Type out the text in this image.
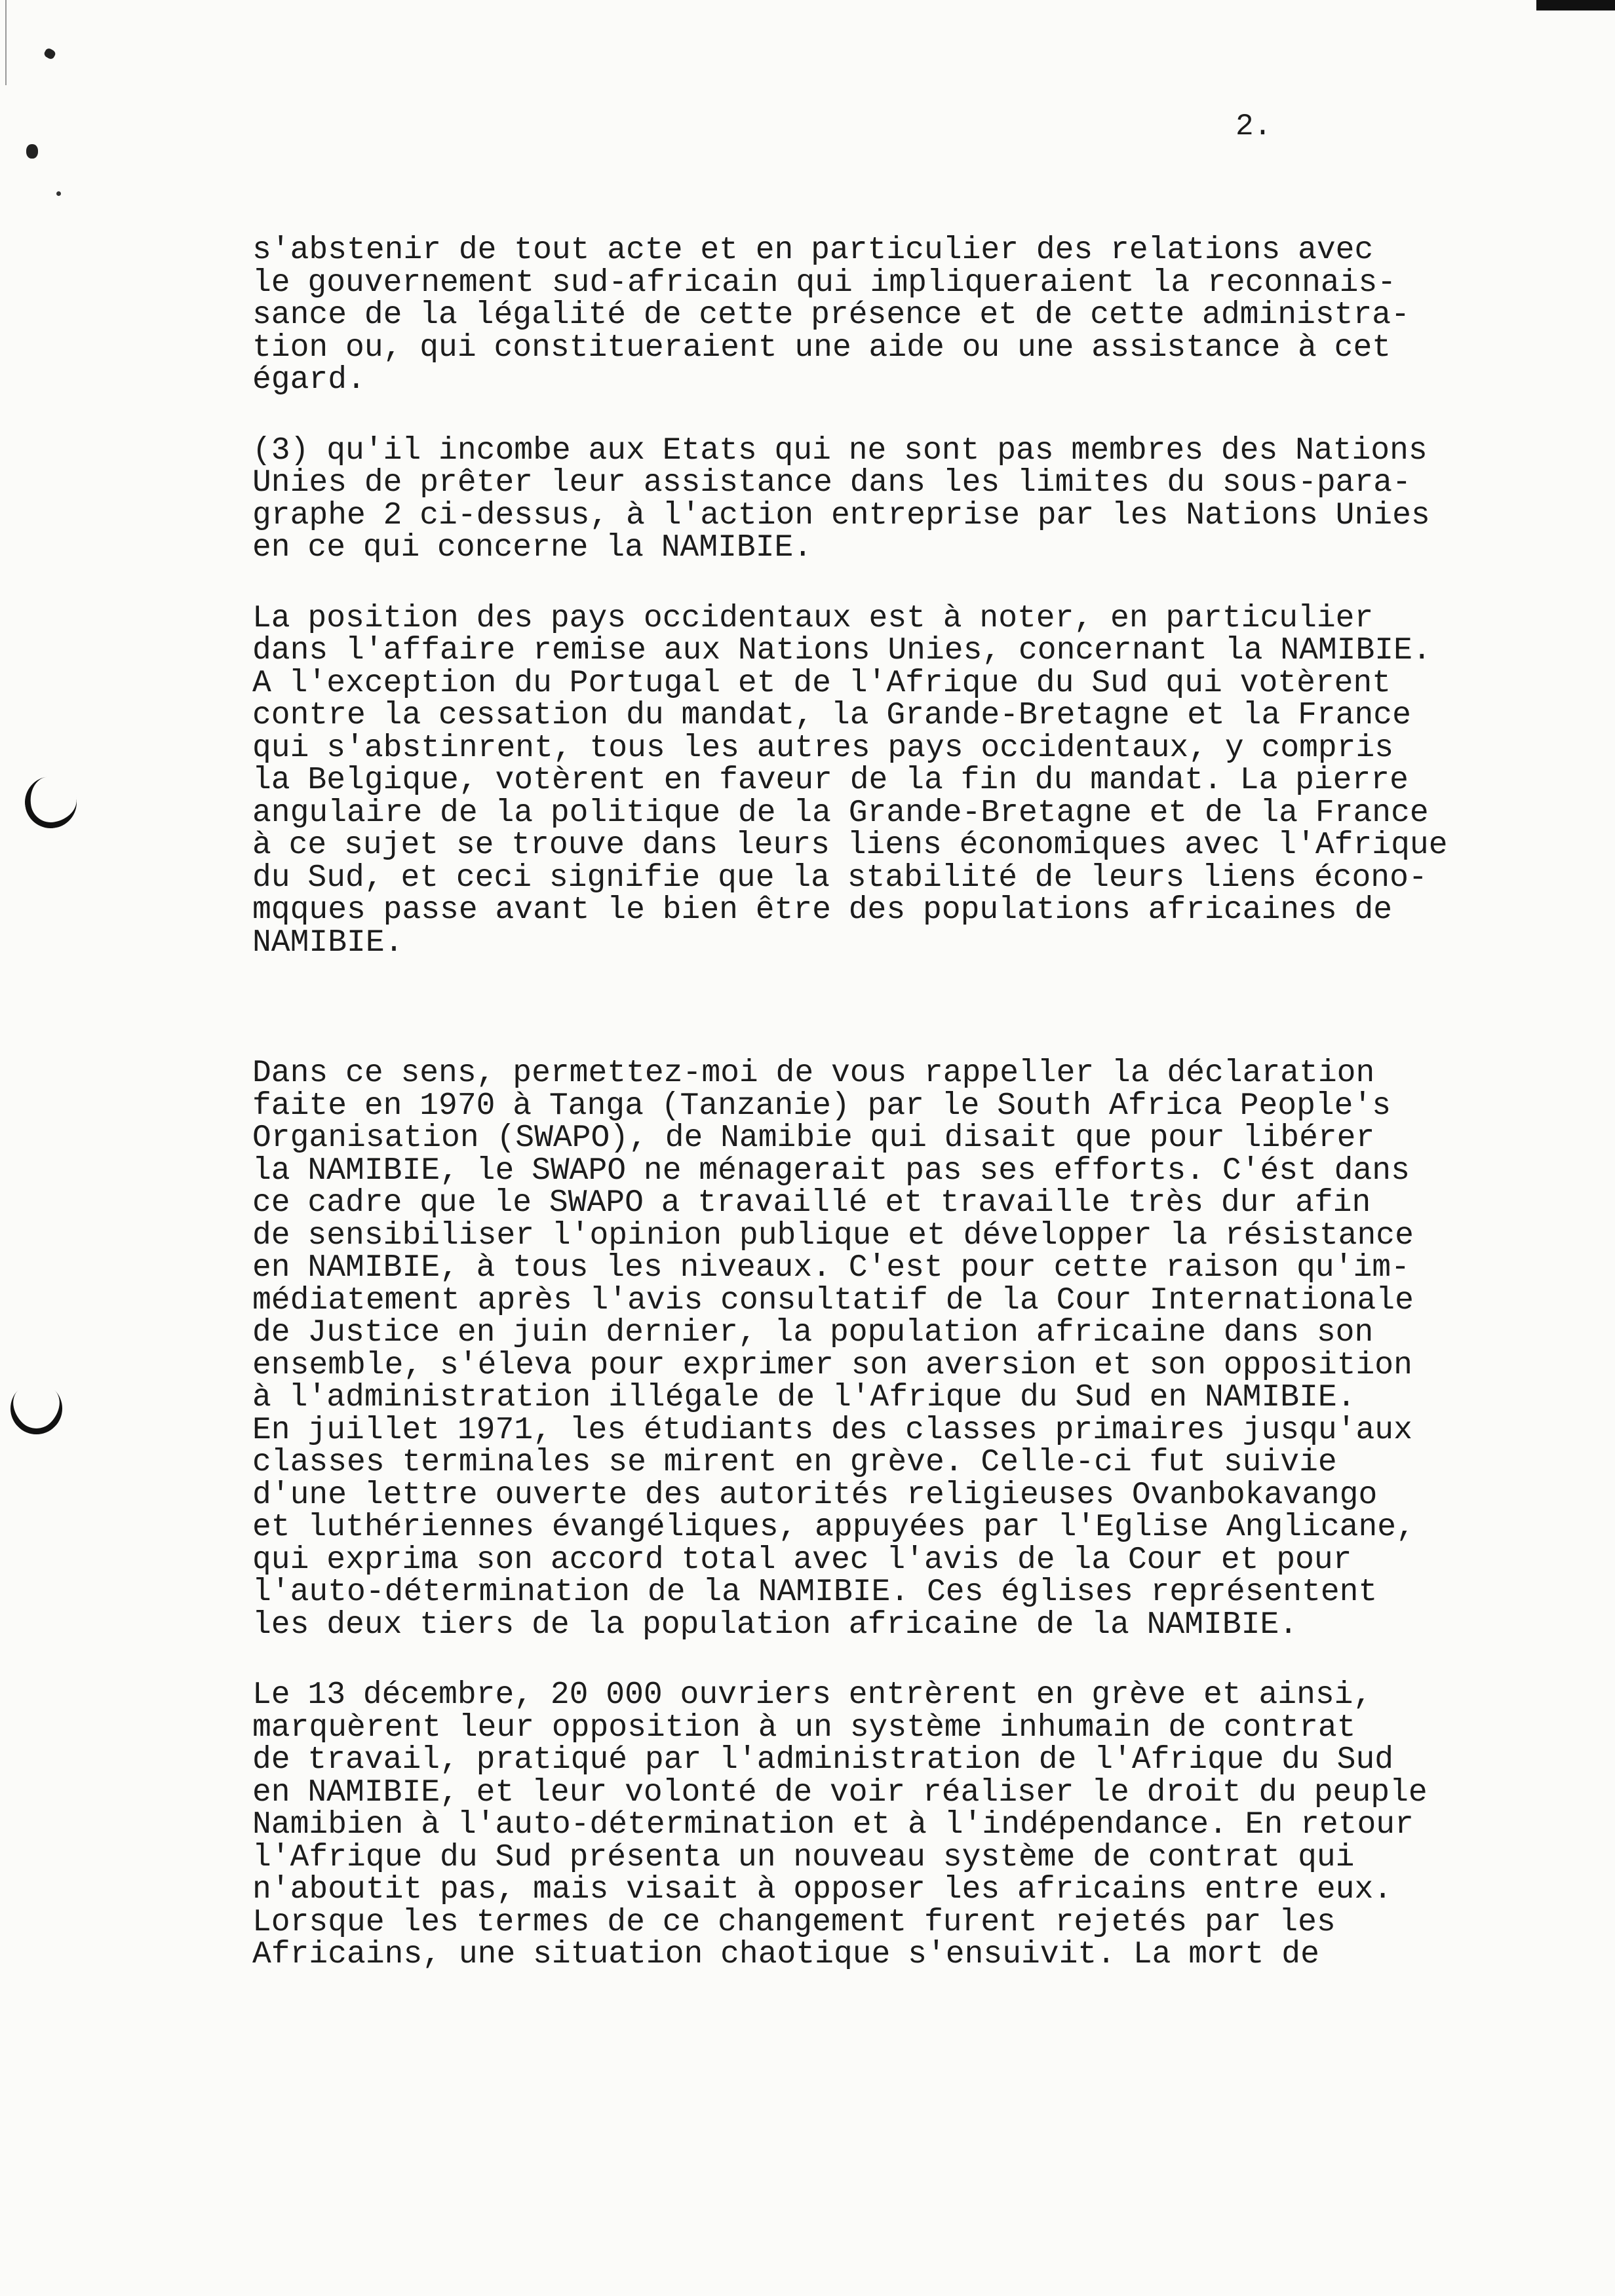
2.
s'abstenir de tout acte et en particulier des relations avec
le gouvernement sud-africain qui impliqueraient la reconnais-
sance de la légalité de cette présence et de cette administra-
tion ou, qui constitueraient une aide ou une assistance à cet
égard.
(3) qu'il incombe aux Etats qui ne sont pas membres des Nations
Unies de prêter leur assistance dans les limites du sous-para-
graphe 2 ci-dessus, à l'action entreprise par les Nations Unies
en ce qui concerne la NAMIBIE.
La position des pays occidentaux est à noter, en particulier
dans l'affaire remise aux Nations Unies, concernant la NAMIBIE.
A l'exception du Portugal et de l'Afrique du Sud qui votèrent
contre la cessation du mandat, la Grande-Bretagne et la France
qui s'abstinrent, tous les autres pays occidentaux, y compris
la Belgique, votèrent en faveur de la fin du mandat. La pierre
angulaire de la politique de la Grande-Bretagne et de la France
à ce sujet se trouve dans leurs liens économiques avec l'Afrique
du Sud, et ceci signifie que la stabilité de leurs liens écono-
mqques passe avant le bien être des populations africaines de
NAMIBIE.
Dans ce sens, permettez-moi de vous rappeller la déclaration
faite en 1970 à Tanga (Tanzanie) par le South Africa People's
Organisation (SWAPO), de Namibie qui disait que pour libérer
la NAMIBIE, le SWAPO ne ménagerait pas ses efforts. C'ést dans
ce cadre que le SWAPO a travaillé et travaille très dur afin
de sensibiliser l'opinion publique et développer la résistance
en NAMIBIE, à tous les niveaux. C'est pour cette raison qu'im-
médiatement après l'avis consultatif de la Cour Internationale
de Justice en juin dernier, la population africaine dans son
ensemble, s'éleva pour exprimer son aversion et son opposition
à l'administration illégale de l'Afrique du Sud en NAMIBIE.
En juillet 1971, les étudiants des classes primaires jusqu'aux
classes terminales se mirent en grève. Celle-ci fut suivie
d'une lettre ouverte des autorités religieuses Ovanbokavango
et luthériennes évangéliques, appuyées par l'Eglise Anglicane,
qui exprima son accord total avec l'avis de la Cour et pour
l'auto-détermination de la NAMIBIE. Ces églises représentent
les deux tiers de la population africaine de la NAMIBIE.
Le 13 décembre, 20 000 ouvriers entrèrent en grève et ainsi,
marquèrent leur opposition à un système inhumain de contrat
de travail, pratiqué par l'administration de l'Afrique du Sud
en NAMIBIE, et leur volonté de voir réaliser le droit du peuple
Namibien à l'auto-détermination et à l'indépendance. En retour
l'Afrique du Sud présenta un nouveau système de contrat qui
n'aboutit pas, mais visait à opposer les africains entre eux.
Lorsque les termes de ce changement furent rejetés par les
Africains, une situation chaotique s'ensuivit. La mort de
